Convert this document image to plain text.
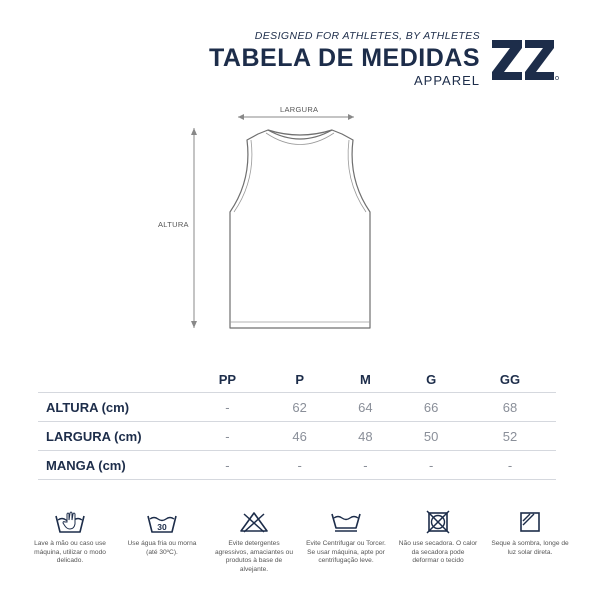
DESIGNED FOR ATHLETES, BY ATHLETES
TABELA DE MEDIDAS
APPAREL
LARGURA
ALTURA
	PP	P	M	G	GG
ALTURA (cm)	-	62	64	66	68
LARGURA (cm)	-	46	48	50	52
MANGA (cm)	-	-	-	-	-
Lave à mão ou caso use máquina, utilizar o modo delicado.
30
Use água fria ou morna (até 30ºC).
Evite detergentes agressivos, amaciantes ou produtos à base de alvejante.
Evite Centrifugar ou Torcer. Se usar máquina, apte por centrifugação leve.
Não use secadora. O calor da secadora pode deformar o tecido
Seque à sombra, longe de luz solar direta.
